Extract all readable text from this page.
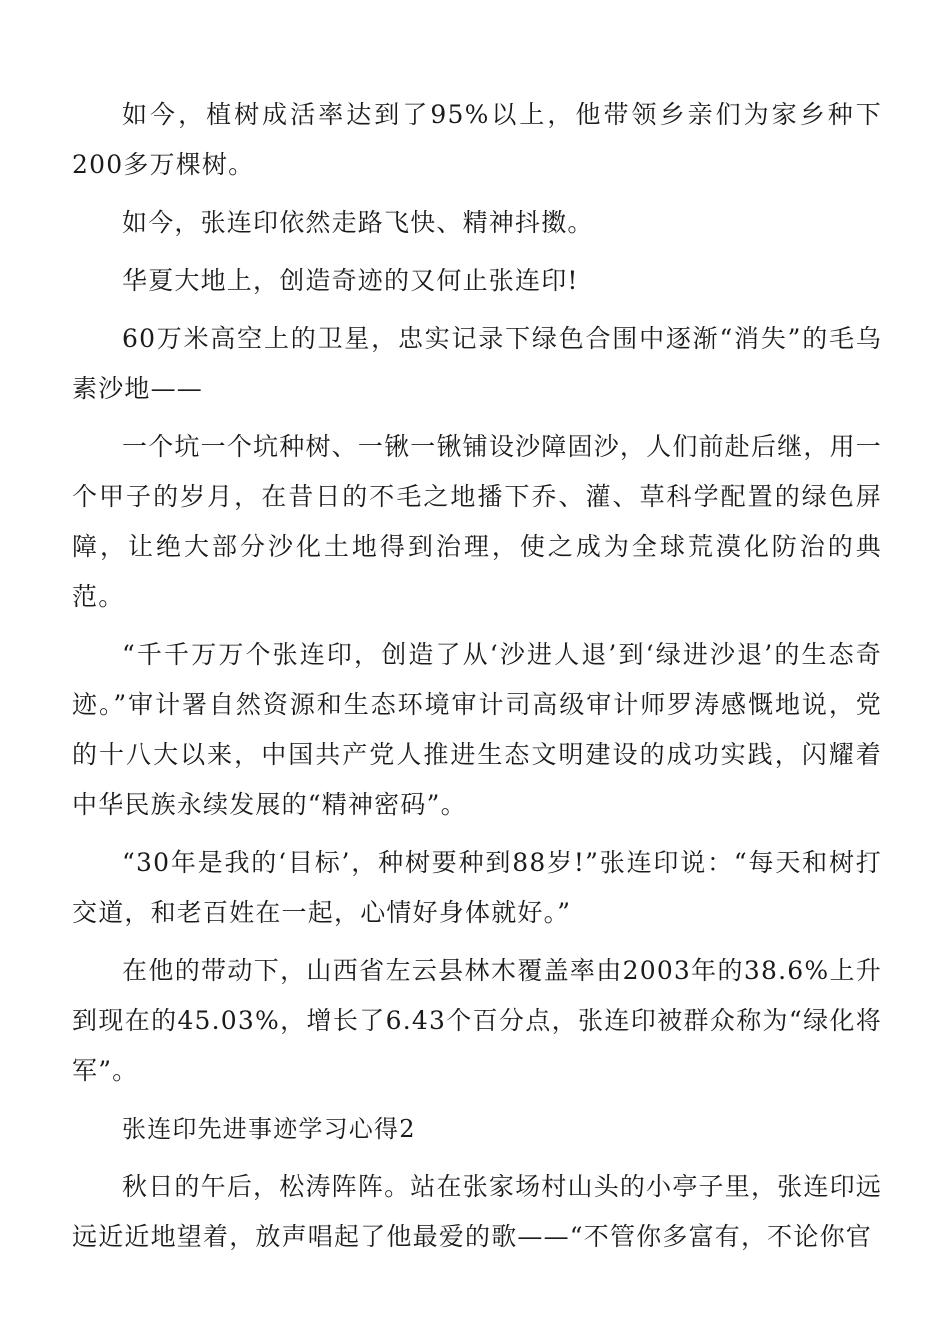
如今，植树成活率达到了95%以上，他带领乡亲们为家乡种下200多万棵树。

如今，张连印依然走路飞快、精神抖擞。

华夏大地上，创造奇迹的又何止张连印!

60万米高空上的卫星，忠实记录下绿色合围中逐渐“消失”的毛乌素沙地——

一个坑一个坑种树、一锹一锹铺设沙障固沙，人们前赴后继，用一个甲子的岁月，在昔日的不毛之地播下乔、灌、草科学配置的绿色屏障，让绝大部分沙化土地得到治理，使之成为全球荒漠化防治的典范。

“千千万万个张连印，创造了从‘沙进人退’到‘绿进沙退’的生态奇迹。”审计署自然资源和生态环境审计司高级审计师罗涛感慨地说，党的十八大以来，中国共产党人推进生态文明建设的成功实践，闪耀着中华民族永续发展的“精神密码”。

“30年是我的‘目标’，种树要种到88岁!”张连印说：“每天和树打交道，和老百姓在一起，心情好身体就好。”

在他的带动下，山西省左云县林木覆盖率由2003年的38.6%上升到现在的45.03%，增长了6.43个百分点，张连印被群众称为“绿化将军”。

张连印先进事迹学习心得2

秋日的午后，松涛阵阵。站在张家场村山头的小亭子里，张连印远远近近地望着，放声唱起了他最爱的歌——“不管你多富有，不论你官
